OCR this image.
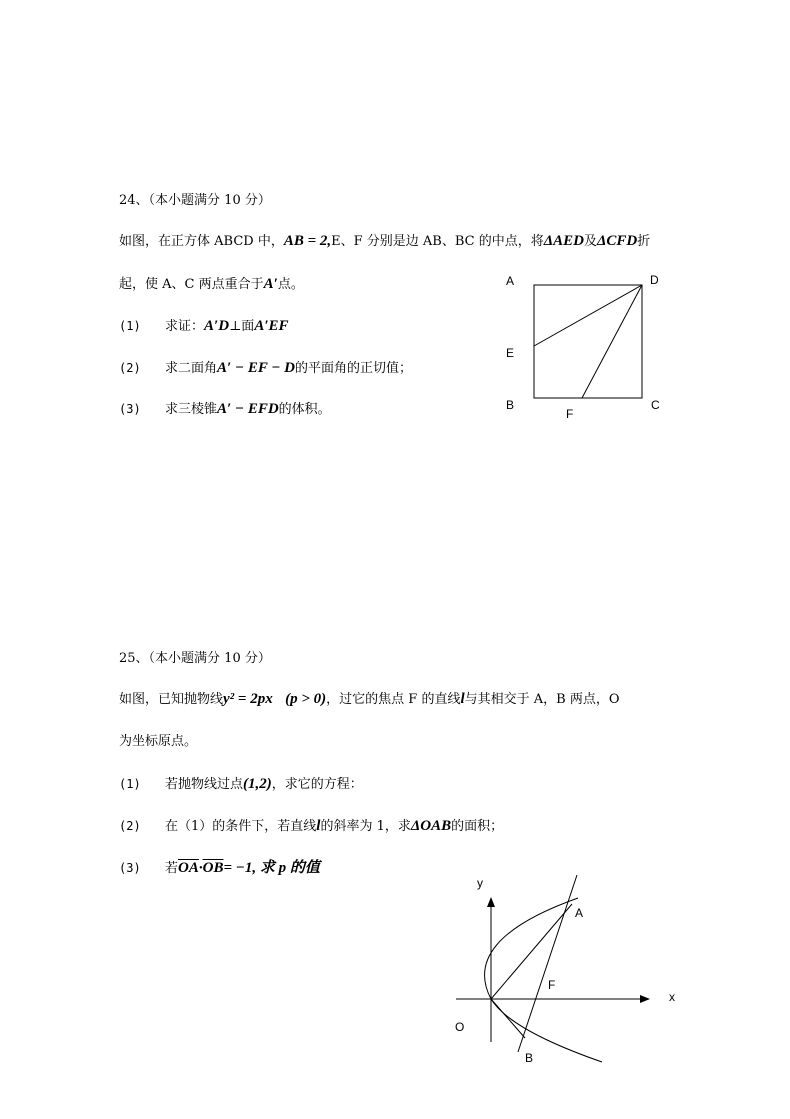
24、（本小题满分 10 分）
如图，在正方体 ABCD 中，AB = 2,E、F 分别是边 AB、BC 的中点，将ΔAED及ΔCFD折
起，使 A、C 两点重合于A′点。
(1) 求证：A′D⊥面A′EF
(2) 求二面角A′ − EF − D的平面角的正切值；
(3) 求三棱锥A′ − EFD的体积。
A	D
E
B	C
F
y
x
O
A
F
B
25、（本小题满分 10 分）
如图，已知抛物线y² = 2px (p > 0)，过它的焦点 F 的直线l与其相交于 A，B 两点，O
为坐标原点。
(1) 若抛物线过点(1,2)，求它的方程：
(2) 在（1）的条件下，若直线l的斜率为 1，求ΔOAB的面积；
(3) 若$\overline{OA}\cdot\overline{OB}= -1$, 求 p 的值
